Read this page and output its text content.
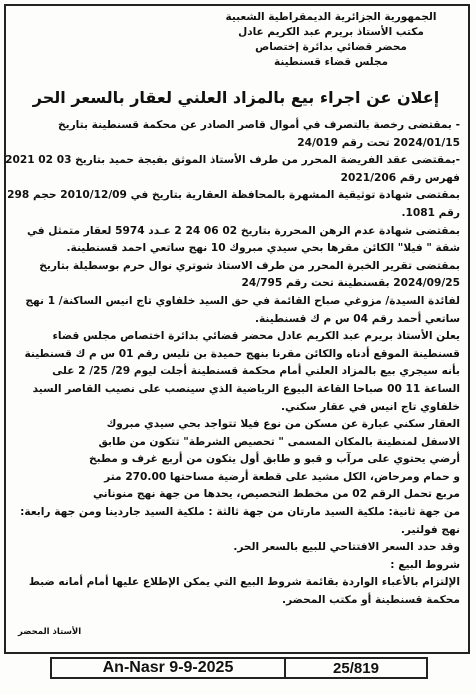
الجمهورية الجزائرية الديمقراطية الشعبية
مكتب الأستاذ بريرم عبد الكريم عادل
محضر قضائي بدائرة إختصاص
مجلس قضاء قسنطينة
إعلان عن اجراء بيع بالمزاد العلني لعقار بالسعر الحر
- بمقتضى رخصة بالتصرف في أموال قاصر الصادر عن محكمة قسنطينة بتاريخ
2024/01/15 تحت رقم 24/019
-بمقتضى عقد الفريضة المحرر من طرف الأستاذ الموثق بفيجة حميد بتاريخ 03 02 2021
فهرس رقم 2021/206
بمقتضى شهادة توثيقية المشهرة بالمحافظة العقارية بتاريخ في 2010/12/09 حجم 298
رقم 1081.
بمقتضى شهادة عدم الرهن المحررة بتاريخ 02 06 24 2 عـدد 5974 لعقار متمثل في
شقة " فيلا" الكائن مقرها بحي سيدي مبروك 10 نهج ساتعي احمد قسنطينة.
بمقتضى تقرير الخبرة المحرر من طرف الاستاذ شوتري نوال حرم بوسطيلة بتاريخ
2024/09/25 بقسنطينة تحت رقم 24/795
لفائدة السيدة/ مزوغي صباح القائمة في حق السيد خلفاوي تاج انيس الساكنة/ 1 نهج
ساتعي أحمد رقم 04 س م ك قسنطينة.
يعلن الأستاذ بريرم عبد الكريم عادل محضر قضائي بدائرة اختصاص مجلس قضاء
قسنطينة الموقع أدناه والكائن مقرنا بنهج حميدة بن تليس رقم 01 س م ك قسنطينة
بأنه سيجري بيع بالمزاد العلني أمام محكمة قسنطينة أجلت ليوم 29/ 25/ 2 على
الساعة 11 00 صباحا القاعة البيوع الرياضية الذي سينصب على نصيب القاصر السيد
خلفاوي تاج انيس في عقار سكني.
العقار سكني عبارة عن مسكن من نوع فيلا تتواجد بحي سيدي مبروك
الاسفل لمنطينة بالمكان المسمى " تحصيص الشرطة" تتكون من طابق
أرضي يحتوي على مرآب و قبو و طابق أول يتكون من أربع غرف و مطبخ
و حمام ومرحاض، الكل مشيد على قطعة أرضية مساحتها 270.00 متر
مربع تحمل الرقم 02 من مخطط التحصيص، يحدها من جهة نهج منوناني
من جهة ثانية: ملكية السيد مارتان من جهة ثالثة : ملكية السيد جاردينا ومن جهة رابعة:
نهج فولتير.
وقد حدد السعر الافتتاحي للبيع بالسعر الحر.
شروط البيع :
الإلتزام بالأعباء الواردة بقائمة شروط البيع التي يمكن الإطلاع عليها أمام أمانه ضبط
محكمة قسنطينة أو مكتب المحضر.
الأستاذ المحضر
An-Nasr 9-9-2025	25/819
